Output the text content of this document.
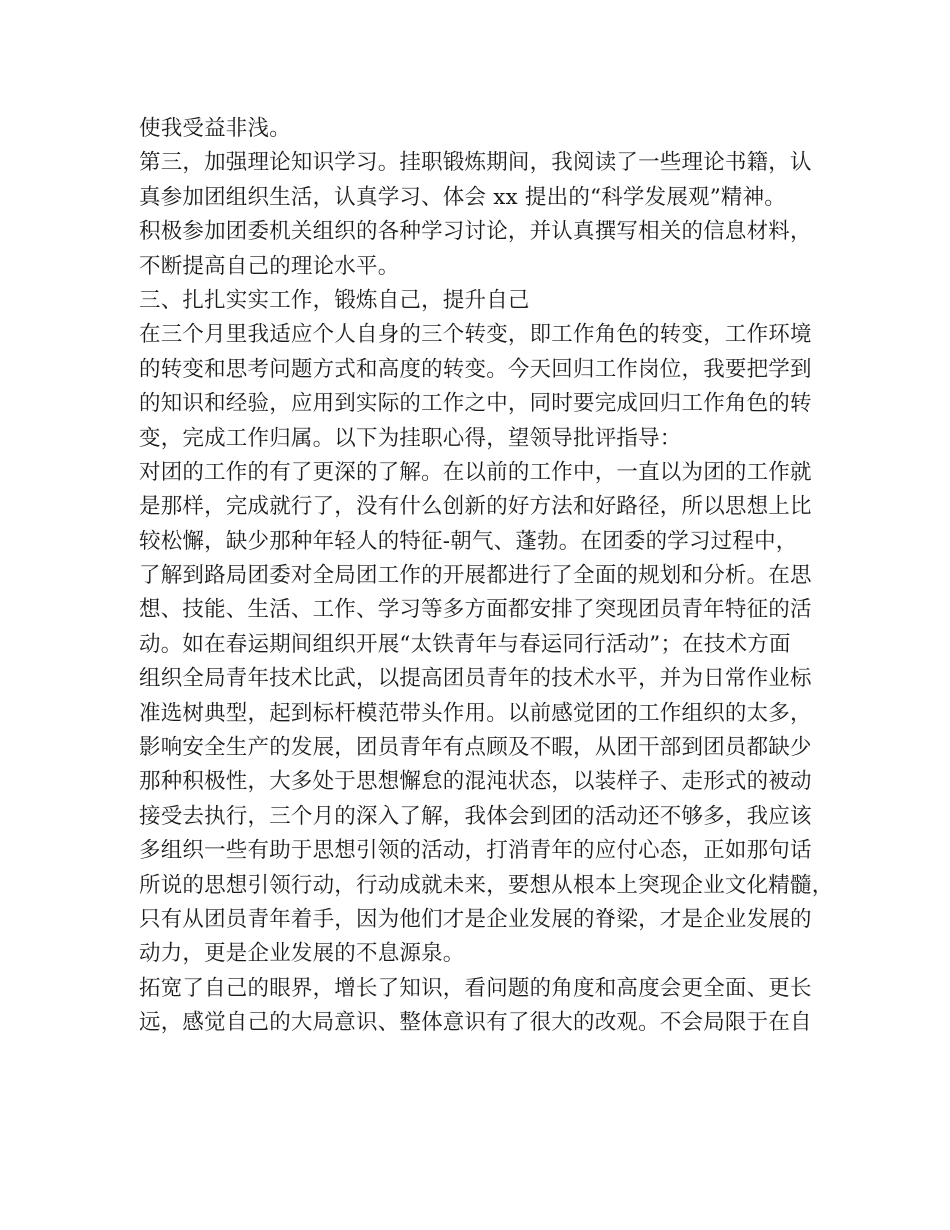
使我受益非浅。
第三，加强理论知识学习。挂职锻炼期间，我阅读了一些理论书籍，认
真参加团组织生活，认真学习、体会 xx 提出的“科学发展观”精神。
积极参加团委机关组织的各种学习讨论，并认真撰写相关的信息材料，
不断提高自己的理论水平。
三、扎扎实实工作，锻炼自己，提升自己
在三个月里我适应个人自身的三个转变，即工作角色的转变，工作环境
的转变和思考问题方式和高度的转变。今天回归工作岗位，我要把学到
的知识和经验，应用到实际的工作之中，同时要完成回归工作角色的转
变，完成工作归属。以下为挂职心得，望领导批评指导：
对团的工作的有了更深的了解。在以前的工作中，一直以为团的工作就
是那样，完成就行了，没有什么创新的好方法和好路径，所以思想上比
较松懈，缺少那种年轻人的特征-朝气、蓬勃。在团委的学习过程中，
了解到路局团委对全局团工作的开展都进行了全面的规划和分析。在思
想、技能、生活、工作、学习等多方面都安排了突现团员青年特征的活
动。如在春运期间组织开展“太铁青年与春运同行活动”；在技术方面
组织全局青年技术比武，以提高团员青年的技术水平，并为日常作业标
准选树典型，起到标杆模范带头作用。以前感觉团的工作组织的太多，
影响安全生产的发展，团员青年有点顾及不暇，从团干部到团员都缺少
那种积极性，大多处于思想懈怠的混沌状态，以装样子、走形式的被动
接受去执行，三个月的深入了解，我体会到团的活动还不够多，我应该
多组织一些有助于思想引领的活动，打消青年的应付心态，正如那句话
所说的思想引领行动，行动成就未来，要想从根本上突现企业文化精髓，
只有从团员青年着手，因为他们才是企业发展的脊梁，才是企业发展的
动力，更是企业发展的不息源泉。
拓宽了自己的眼界，增长了知识，看问题的角度和高度会更全面、更长
远，感觉自己的大局意识、整体意识有了很大的改观。不会局限于在自
